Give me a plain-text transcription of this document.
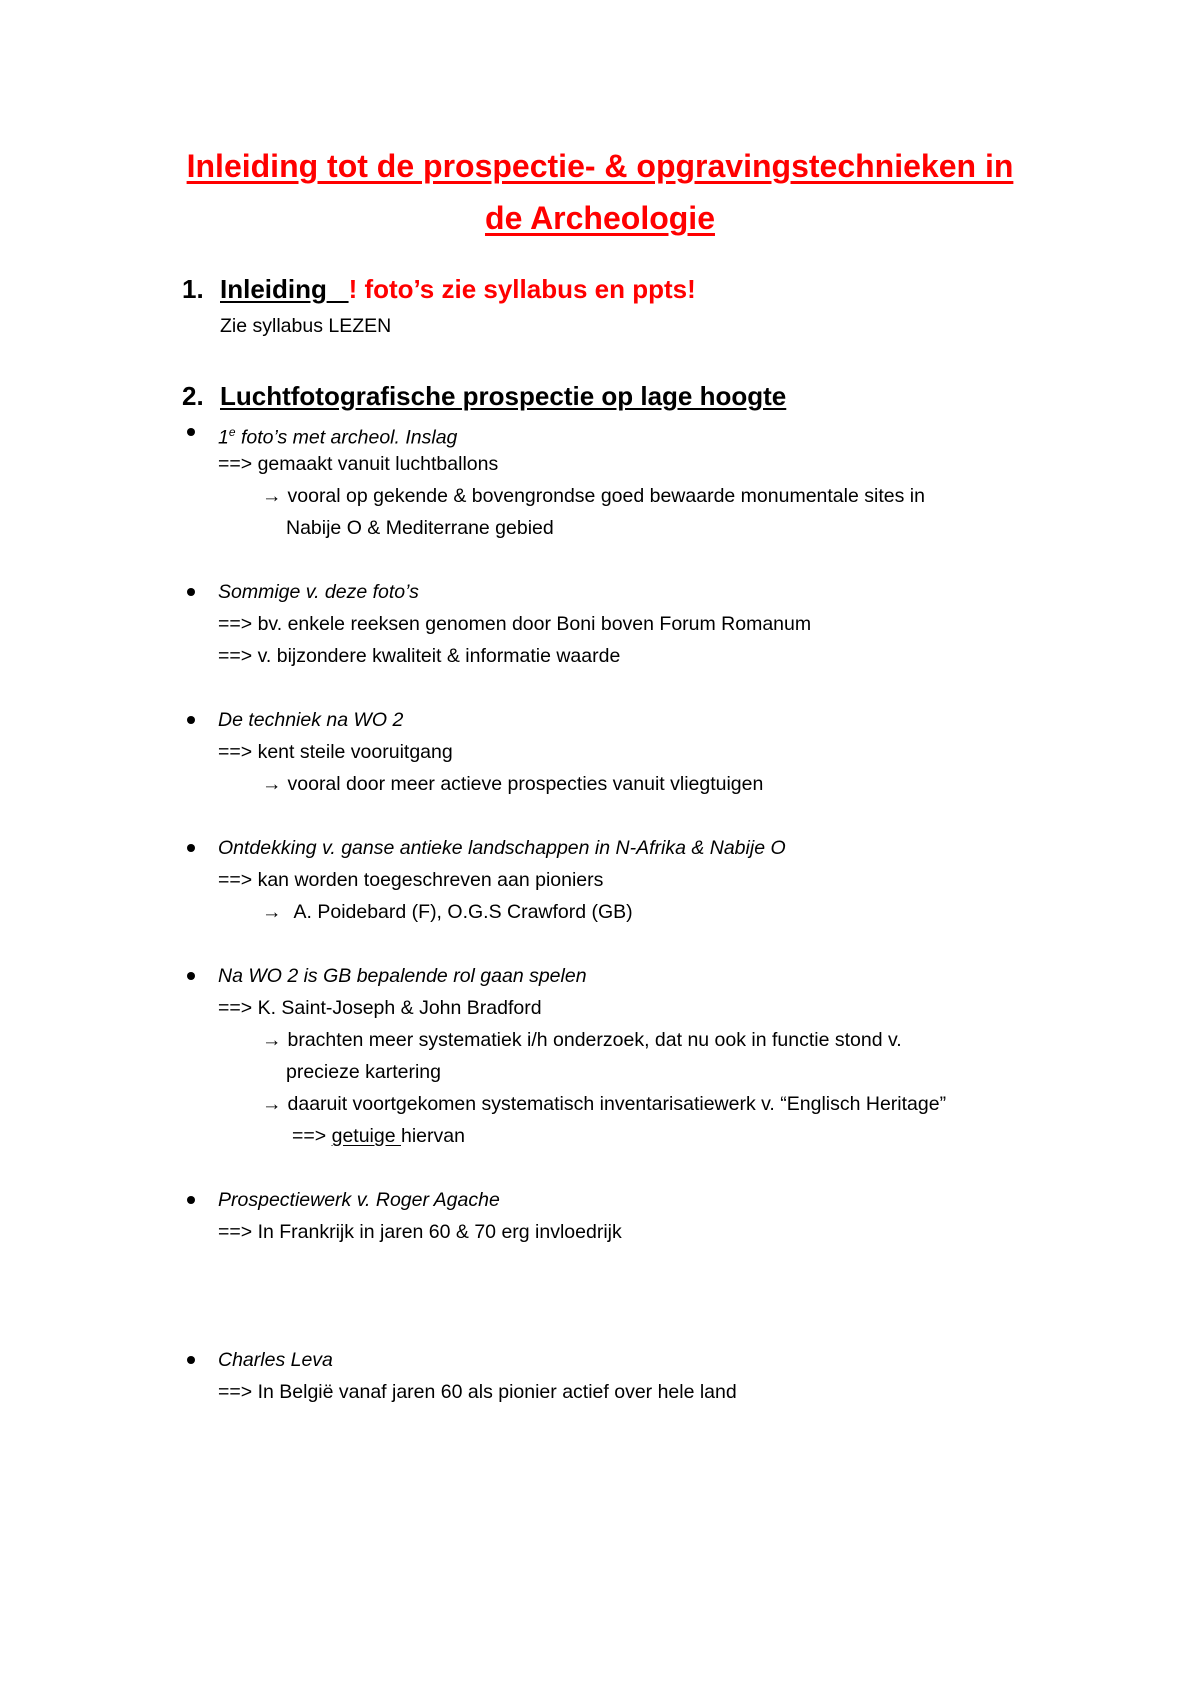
Inleiding tot de prospectie- & opgravingstechnieken in
de Archeologie
1. Inleiding ! foto’s zie syllabus en ppts!
Zie syllabus LEZEN
2. Luchtfotografische prospectie op lage hoogte
1e foto’s met archeol. Inslag
==> gemaakt vanuit luchtballons
→ vooral op gekende & bovengrondse goed bewaarde monumentale sites in
Nabije O & Mediterrane gebied
Sommige v. deze foto’s
==> bv. enkele reeksen genomen door Boni boven Forum Romanum
==> v. bijzondere kwaliteit & informatie waarde
De techniek na WO 2
==> kent steile vooruitgang
→ vooral door meer actieve prospecties vanuit vliegtuigen
Ontdekking v. ganse antieke landschappen in N-Afrika & Nabije O
==> kan worden toegeschreven aan pioniers
→ A. Poidebard (F), O.G.S Crawford (GB)
Na WO 2 is GB bepalende rol gaan spelen
==> K. Saint-Joseph & John Bradford
→ brachten meer systematiek i/h onderzoek, dat nu ook in functie stond v.
precieze kartering
→ daaruit voortgekomen systematisch inventarisatiewerk v. “Englisch Heritage”
==> getuige hiervan
Prospectiewerk v. Roger Agache
==> In Frankrijk in jaren 60 & 70 erg invloedrijk
Charles Leva
==> In België vanaf jaren 60 als pionier actief over hele land
